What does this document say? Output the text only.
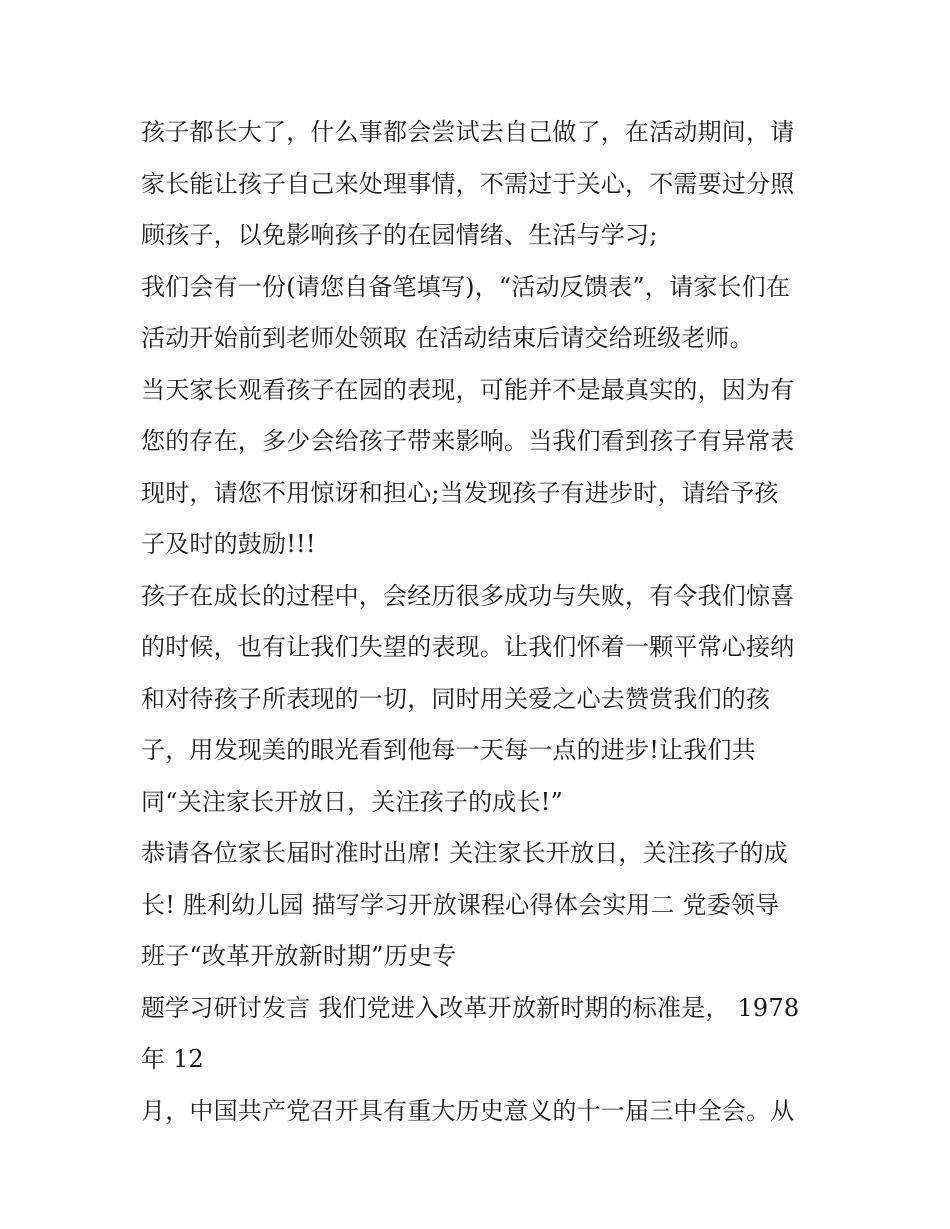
孩子都长大了，什么事都会尝试去自己做了，在活动期间，请
家长能让孩子自己来处理事情，不需过于关心，不需要过分照
顾孩子，以免影响孩子的在园情绪、生活与学习;
我们会有一份(请您自备笔填写)，“活动反馈表”，请家长们在
活动开始前到老师处领取 在活动结束后请交给班级老师。
当天家长观看孩子在园的表现，可能并不是最真实的，因为有
您的存在，多少会给孩子带来影响。当我们看到孩子有异常表
现时，请您不用惊讶和担心;当发现孩子有进步时，请给予孩
子及时的鼓励!!!
孩子在成长的过程中，会经历很多成功与失败，有令我们惊喜
的时候，也有让我们失望的表现。让我们怀着一颗平常心接纳
和对待孩子所表现的一切，同时用关爱之心去赞赏我们的孩
子，用发现美的眼光看到他每一天每一点的进步!让我们共
同“关注家长开放日，关注孩子的成长!”
恭请各位家长届时准时出席! 关注家长开放日，关注孩子的成
长! 胜利幼儿园 描写学习开放课程心得体会实用二 党委领导
班子“改革开放新时期”历史专
题学习研讨发言 我们党进入改革开放新时期的标准是， 1978
年 12
月，中国共产党召开具有重大历史意义的十一届三中全会。从
